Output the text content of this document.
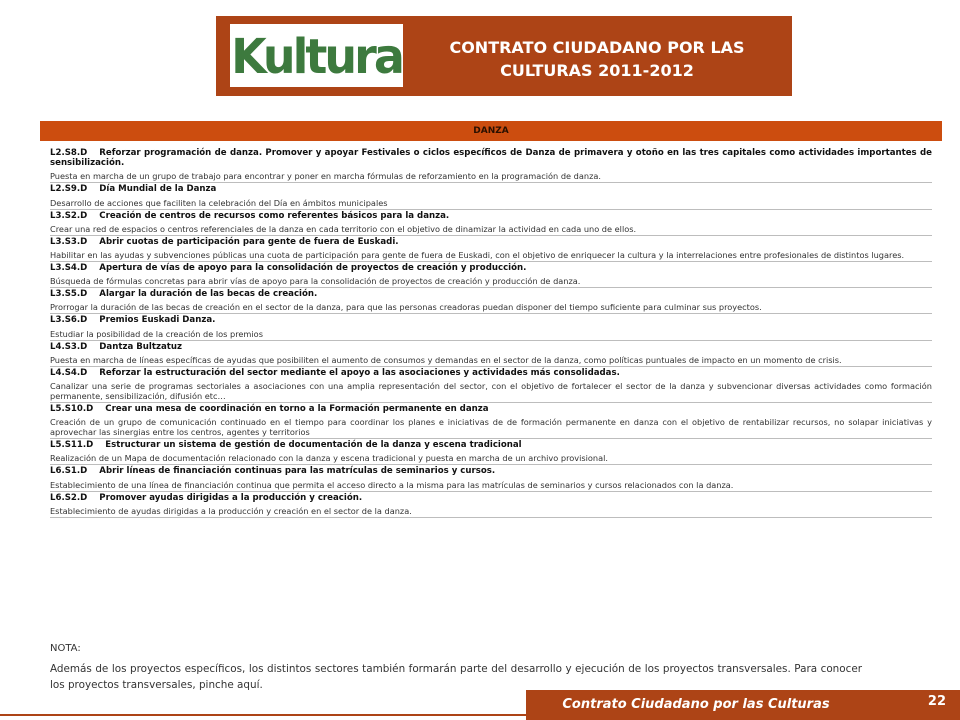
Kultura	CONTRATO CIUDADANO POR LAS
CULTURAS 2011-2012
DANZA
L2.S8.D Reforzar programación de danza. Promover y apoyar Festivales o ciclos específicos de Danza de primavera y otoño en las tres capitales como actividades importantes de sensibilización.
Puesta en marcha de un grupo de trabajo para encontrar y poner en marcha fórmulas de reforzamiento en la programación de danza.
L2.S9.D Día Mundial de la Danza
Desarrollo de acciones que faciliten la celebración del Día en ámbitos municipales
L3.S2.D Creación de centros de recursos como referentes básicos para la danza.
Crear una red de espacios o centros referenciales de la danza en cada territorio con el objetivo de dinamizar la actividad en cada uno de ellos.
L3.S3.D Abrir cuotas de participación para gente de fuera de Euskadi.
Habilitar en las ayudas y subvenciones públicas una cuota de participación para gente de fuera de Euskadi, con el objetivo de enriquecer la cultura y la interrelaciones entre profesionales de distintos lugares.
L3.S4.D Apertura de vías de apoyo para la consolidación de proyectos de creación y producción.
Búsqueda de fórmulas concretas para abrir vías de apoyo para la consolidación de proyectos de creación y producción de danza.
L3.S5.D Alargar la duración de las becas de creación.
Prorrogar la duración de las becas de creación en el sector de la danza, para que las personas creadoras puedan disponer del tiempo suficiente para culminar sus proyectos.
L3.S6.D Premios Euskadi Danza.
Estudiar la posibilidad de la creación de los premios
L4.S3.D Dantza Bultzatuz
Puesta en marcha de líneas específicas de ayudas que posibiliten el aumento de consumos y demandas en el sector de la danza, como políticas puntuales de impacto en un momento de crisis.
L4.S4.D Reforzar la estructuración del sector mediante el apoyo a las asociaciones y actividades más consolidadas.
Canalizar una serie de programas sectoriales a asociaciones con una amplia representación del sector, con el objetivo de fortalecer el sector de la danza y subvencionar diversas actividades como formación permanente, sensibilización, difusión etc…
L5.S10.D Crear una mesa de coordinación en torno a la Formación permanente en danza
Creación de un grupo de comunicación continuado en el tiempo para coordinar los planes e iniciativas de de formación permanente en danza con el objetivo de rentabilizar recursos, no solapar iniciativas y aprovechar las sinergias entre los centros, agentes y territorios
L5.S11.D Estructurar un sistema de gestión de documentación de la danza y escena tradicional
Realización de un Mapa de documentación relacionado con la danza y escena tradicional y puesta en marcha de un archivo provisional.
L6.S1.D Abrir líneas de financiación continuas para las matrículas de seminarios y cursos.
Establecimiento de una línea de financiación continua que permita el acceso directo a la misma para las matrículas de seminarios y cursos relacionados con la danza.
L6.S2.D Promover ayudas dirigidas a la producción y creación.
Establecimiento de ayudas dirigidas a la producción y creación en el sector de la danza.
NOTA:
Además de los proyectos específicos, los distintos sectores también formarán parte del desarrollo y ejecución de los proyectos transversales. Para conocer los proyectos transversales, pinche aquí.
Contrato Ciudadano por las Culturas	22
